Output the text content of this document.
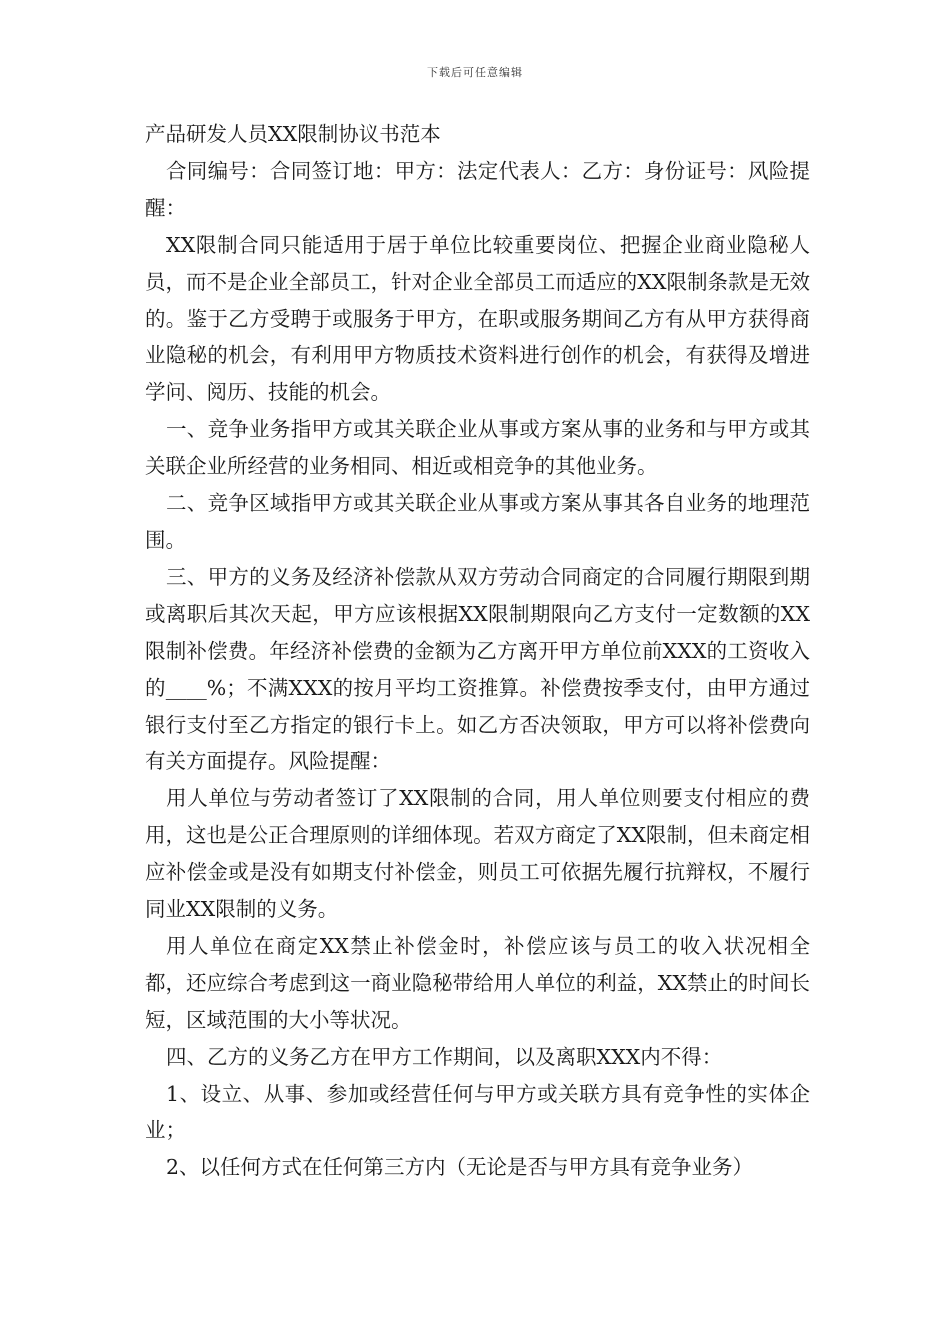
下载后可任意编辑
产品研发人员XX限制协议书范本

合同编号：合同签订地：甲方：法定代表人：乙方：身份证号：风险提醒：

XX限制合同只能适用于居于单位比较重要岗位、把握企业商业隐秘人员，而不是企业全部员工，针对企业全部员工而适应的XX限制条款是无效的。鉴于乙方受聘于或服务于甲方，在职或服务期间乙方有从甲方获得商业隐秘的机会，有利用甲方物质技术资料进行创作的机会，有获得及增进学问、阅历、技能的机会。

一、竞争业务指甲方或其关联企业从事或方案从事的业务和与甲方或其关联企业所经营的业务相同、相近或相竞争的其他业务。

二、竞争区域指甲方或其关联企业从事或方案从事其各自业务的地理范围。

三、甲方的义务及经济补偿款从双方劳动合同商定的合同履行期限到期或离职后其次天起，甲方应该根据XX限制期限向乙方支付一定数额的XX限制补偿费。年经济补偿费的金额为乙方离开甲方单位前XXX的工资收入的____%；不满XXX的按月平均工资推算。补偿费按季支付，由甲方通过银行支付至乙方指定的银行卡上。如乙方否决领取，甲方可以将补偿费向有关方面提存。风险提醒：

用人单位与劳动者签订了XX限制的合同，用人单位则要支付相应的费用，这也是公正合理原则的详细体现。若双方商定了XX限制，但未商定相应补偿金或是没有如期支付补偿金，则员工可依据先履行抗辩权，不履行同业XX限制的义务。

用人单位在商定XX禁止补偿金时，补偿应该与员工的收入状况相全都，还应综合考虑到这一商业隐秘带给用人单位的利益，XX禁止的时间长短，区域范围的大小等状况。

四、乙方的义务乙方在甲方工作期间，以及离职XXX内不得：

1、设立、从事、参加或经营任何与甲方或关联方具有竞争性的实体企业；

2、以任何方式在任何第三方内（无论是否与甲方具有竞争业务）
